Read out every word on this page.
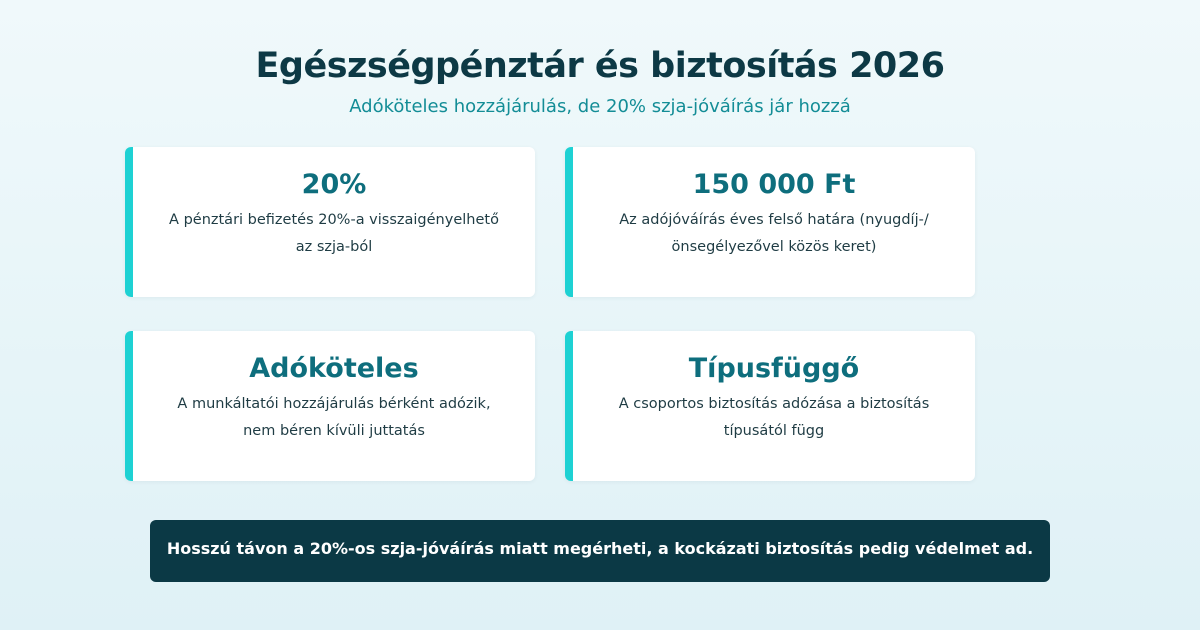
Egészségpénztár és biztosítás 2026
Adóköteles hozzájárulás, de 20% szja-jóváírás jár hozzá
20%
A pénztári befizetés 20%-a visszaigényelhető az szja-ból
150 000 Ft
Az adójóváírás éves felső határa (nyugdíj-/önsegélyezővel közös keret)
Adóköteles
A munkáltatói hozzájárulás bérként adózik, nem béren kívüli juttatás
Típusfüggő
A csoportos biztosítás adózása a biztosítás típusától függ
Hosszú távon a 20%-os szja-jóváírás miatt megérheti, a kockázati biztosítás pedig védelmet ad.
